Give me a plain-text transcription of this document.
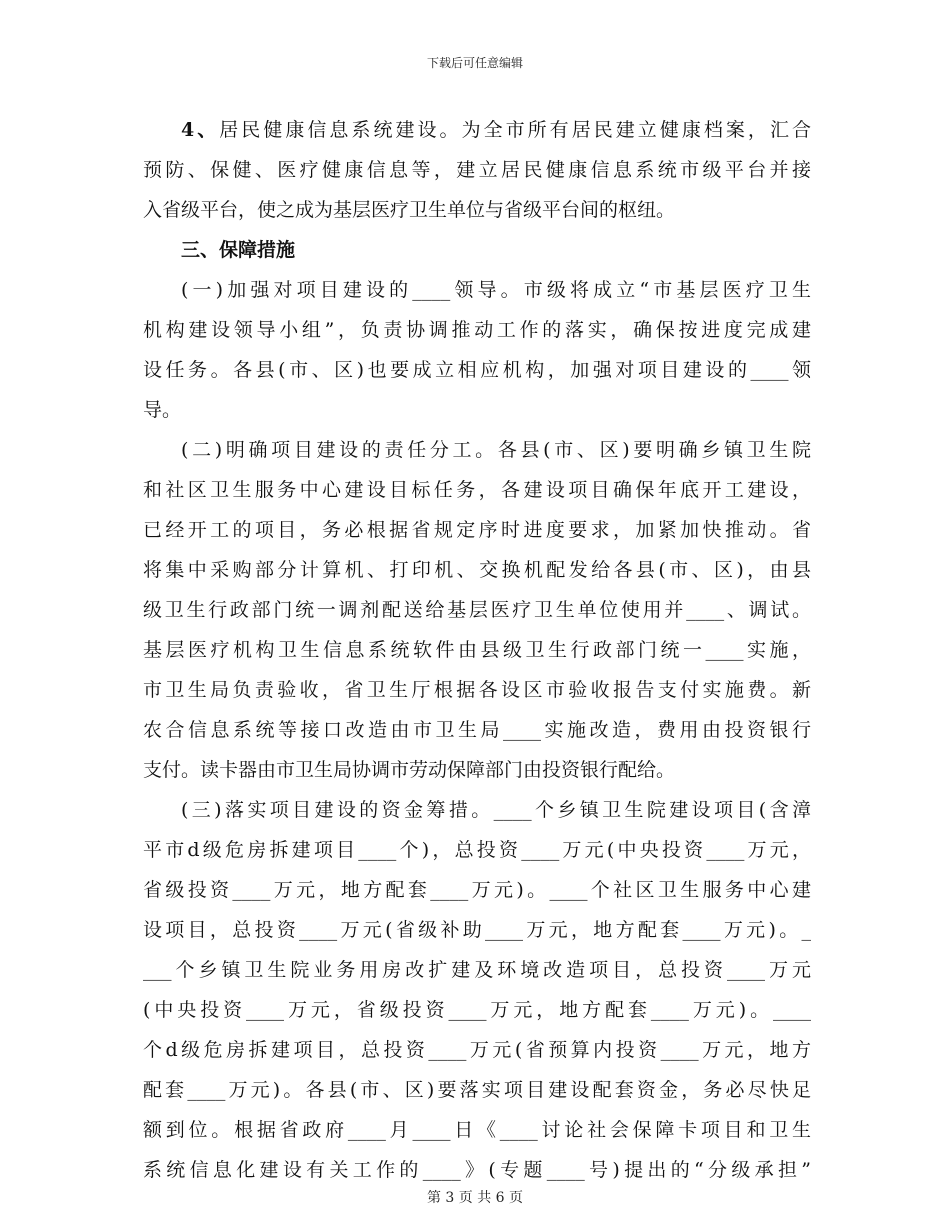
下载后可任意编辑
4、居民健康信息系统建设。为全市所有居民建立健康档案，汇合
预防、保健、医疗健康信息等，建立居民健康信息系统市级平台并接
入省级平台，使之成为基层医疗卫生单位与省级平台间的枢纽。
三、保障措施
(一)加强对项目建设的____领导。市级将成立“市基层医疗卫生
机构建设领导小组”，负责协调推动工作的落实，确保按进度完成建
设任务。各县(市、区)也要成立相应机构，加强对项目建设的____领
导。
(二)明确项目建设的责任分工。各县(市、区)要明确乡镇卫生院
和社区卫生服务中心建设目标任务，各建设项目确保年底开工建设，
已经开工的项目，务必根据省规定序时进度要求，加紧加快推动。省
将集中采购部分计算机、打印机、交换机配发给各县(市、区)，由县
级卫生行政部门统一调剂配送给基层医疗卫生单位使用并____、调试。
基层医疗机构卫生信息系统软件由县级卫生行政部门统一____实施，
市卫生局负责验收，省卫生厅根据各设区市验收报告支付实施费。新
农合信息系统等接口改造由市卫生局____实施改造，费用由投资银行
支付。读卡器由市卫生局协调市劳动保障部门由投资银行配给。
(三)落实项目建设的资金筹措。____个乡镇卫生院建设项目(含漳
平市d级危房拆建项目____个)，总投资____万元(中央投资____万元，
省级投资____万元，地方配套____万元)。____个社区卫生服务中心建
设项目，总投资____万元(省级补助____万元，地方配套____万元)。_
___个乡镇卫生院业务用房改扩建及环境改造项目，总投资____万元
(中央投资____万元，省级投资____万元，地方配套____万元)。____
个d级危房拆建项目，总投资____万元(省预算内投资____万元，地方
配套____万元)。各县(市、区)要落实项目建设配套资金，务必尽快足
额到位。根据省政府____月____日《____讨论社会保障卡项目和卫生
系统信息化建设有关工作的____》(专题____号)提出的“分级承担”
第 3 页 共 6 页
